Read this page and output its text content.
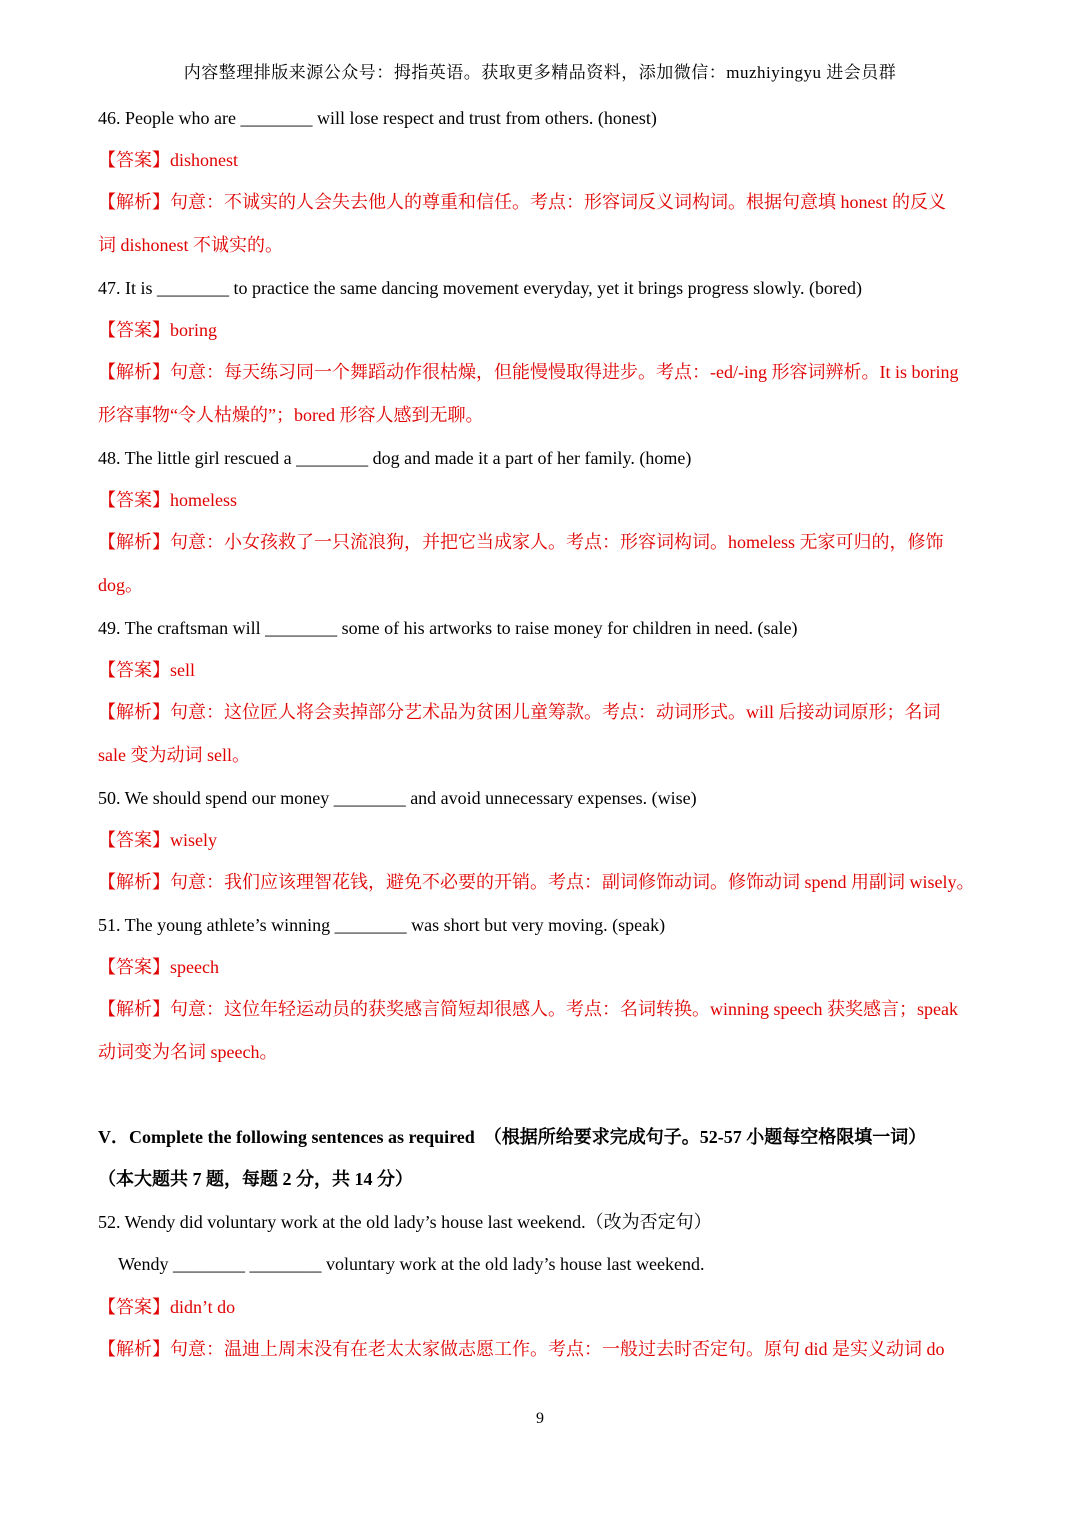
内容整理排版来源公众号：拇指英语。获取更多精品资料，添加微信：muzhiyingyu 进会员群
46. People who are ________ will lose respect and trust from others. (honest)
【答案】dishonest
【解析】句意：不诚实的人会失去他人的尊重和信任。考点：形容词反义词构词。根据句意填 honest 的反义
词 dishonest 不诚实的。
47. It is ________ to practice the same dancing movement everyday, yet it brings progress slowly. (bored)
【答案】boring
【解析】句意：每天练习同一个舞蹈动作很枯燥，但能慢慢取得进步。考点：-ed/-ing 形容词辨析。It is boring
形容事物“令人枯燥的”；bored 形容人感到无聊。
48. The little girl rescued a ________ dog and made it a part of her family. (home)
【答案】homeless
【解析】句意：小女孩救了一只流浪狗，并把它当成家人。考点：形容词构词。homeless 无家可归的，修饰
dog。
49. The craftsman will ________ some of his artworks to raise money for children in need. (sale)
【答案】sell
【解析】句意：这位匠人将会卖掉部分艺术品为贫困儿童筹款。考点：动词形式。will 后接动词原形；名词
sale 变为动词 sell。
50. We should spend our money ________ and avoid unnecessary expenses. (wise)
【答案】wisely
【解析】句意：我们应该理智花钱，避免不必要的开销。考点：副词修饰动词。修饰动词 spend 用副词 wisely。
51. The young athlete’s winning ________ was short but very moving. (speak)
【答案】speech
【解析】句意：这位年轻运动员的获奖感言简短却很感人。考点：名词转换。winning speech 获奖感言；speak
动词变为名词 speech。
V．Complete the following sentences as required　（根据所给要求完成句子。52-57 小题每空格限填一词）
（本大题共 7 题，每题 2 分，共 14 分）
52. Wendy did voluntary work at the old lady’s house last weekend.（改为否定句）
Wendy ________ ________ voluntary work at the old lady’s house last weekend.
【答案】didn’t do
【解析】句意：温迪上周末没有在老太太家做志愿工作。考点：一般过去时否定句。原句 did 是实义动词 do
9
